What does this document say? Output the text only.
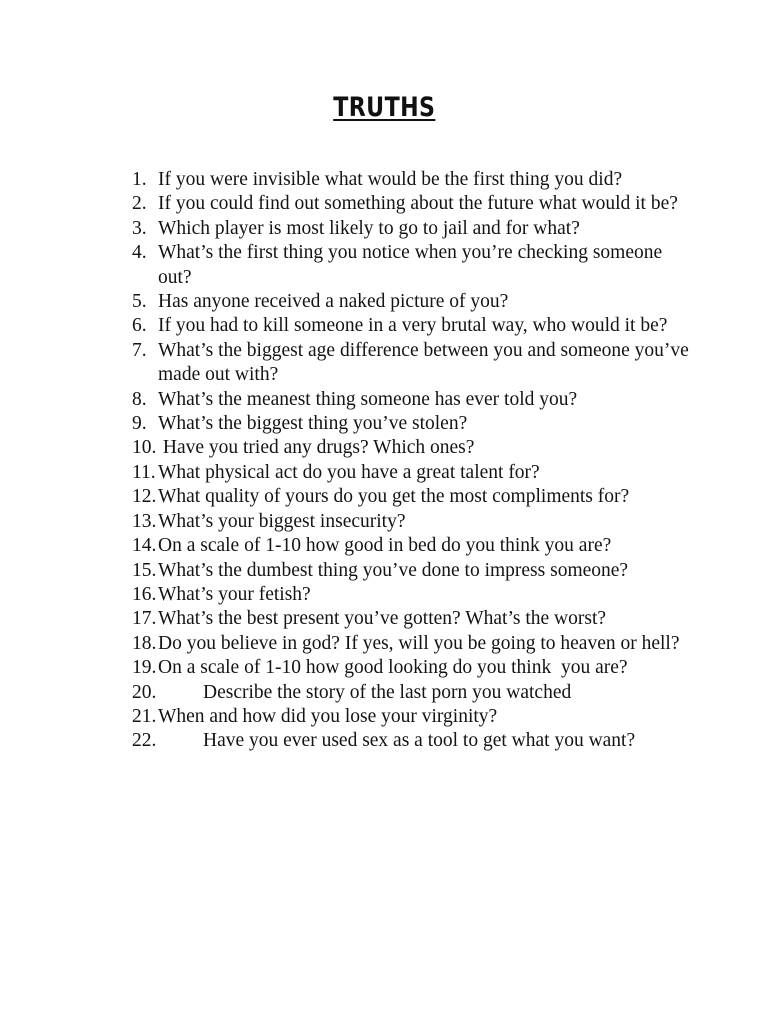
TRUTHS
1. If you were invisible what would be the first thing you did?
2. If you could find out something about the future what would it be?
3. Which player is most likely to go to jail and for what?
4. What’s the first thing you notice when you’re checking someone out?
5. Has anyone received a naked picture of you?
6. If you had to kill someone in a very brutal way, who would it be?
7. What’s the biggest age difference between you and someone you’ve made out with?
8. What’s the meanest thing someone has ever told you?
9. What’s the biggest thing you’ve stolen?
10. Have you tried any drugs? Which ones?
11. What physical act do you have a great talent for?
12. What quality of yours do you get the most compliments for?
13. What’s your biggest insecurity?
14. On a scale of 1-10 how good in bed do you think you are?
15. What’s the dumbest thing you’ve done to impress someone?
16. What’s your fetish?
17. What’s the best present you’ve gotten? What’s the worst?
18. Do you believe in god? If yes, will you be going to heaven or hell?
19. On a scale of 1-10 how good looking do you think  you are?
20.	Describe the story of the last porn you watched
21. When and how did you lose your virginity?
22.	Have you ever used sex as a tool to get what you want?
